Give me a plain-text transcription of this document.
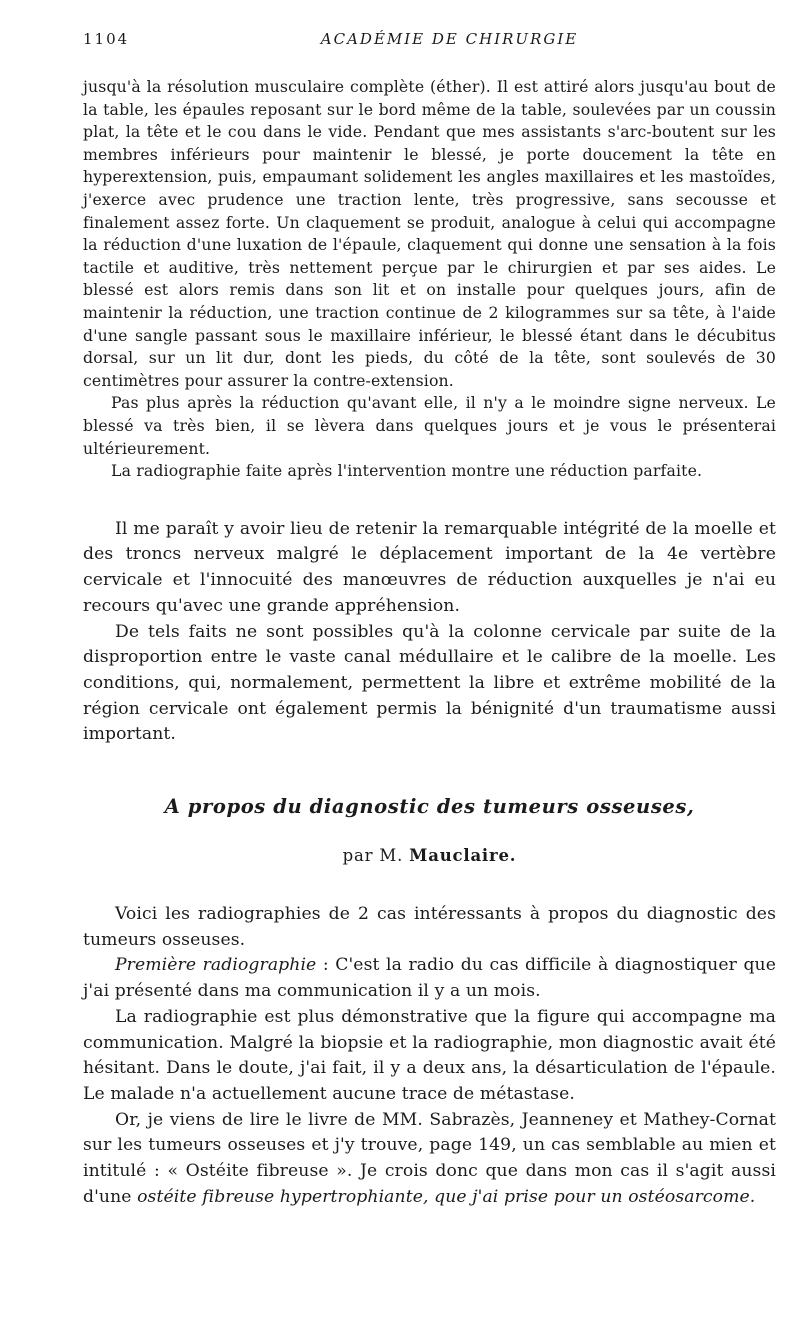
1104	ACADÉMIE DE CHIRURGIE

jusqu'à la résolution musculaire complète (éther). Il est attiré alors jusqu'au bout de la table, les épaules reposant sur le bord même de la table, soulevées par un coussin plat, la tête et le cou dans le vide. Pendant que mes assistants s'arc-boutent sur les membres inférieurs pour maintenir le blessé, je porte doucement la tête en hyperextension, puis, empaumant solidement les angles maxillaires et les mastoïdes, j'exerce avec prudence une traction lente, très progressive, sans secousse et finalement assez forte. Un claquement se produit, analogue à celui qui accompagne la réduction d'une luxation de l'épaule, claquement qui donne une sensation à la fois tactile et auditive, très nettement perçue par le chirurgien et par ses aides. Le blessé est alors remis dans son lit et on installe pour quelques jours, afin de maintenir la réduction, une traction continue de 2 kilogrammes sur sa tête, à l'aide d'une sangle passant sous le maxillaire inférieur, le blessé étant dans le décubitus dorsal, sur un lit dur, dont les pieds, du côté de la tête, sont soulevés de 30 centimètres pour assurer la contre-extension.

Pas plus après la réduction qu'avant elle, il n'y a le moindre signe nerveux. Le blessé va très bien, il se lèvera dans quelques jours et je vous le présenterai ultérieurement.

La radiographie faite après l'intervention montre une réduction parfaite.

Il me paraît y avoir lieu de retenir la remarquable intégrité de la moelle et des troncs nerveux malgré le déplacement important de la 4e vertèbre cervicale et l'innocuité des manœuvres de réduction auxquelles je n'ai eu recours qu'avec une grande appréhension.

De tels faits ne sont possibles qu'à la colonne cervicale par suite de la disproportion entre le vaste canal médullaire et le calibre de la moelle. Les conditions, qui, normalement, permettent la libre et extrême mobilité de la région cervicale ont également permis la bénignité d'un traumatisme aussi important.

A propos du diagnostic des tumeurs osseuses,
par M. Mauclaire.

Voici les radiographies de 2 cas intéressants à propos du diagnostic des tumeurs osseuses.

Première radiographie : C'est la radio du cas difficile à diagnostiquer que j'ai présenté dans ma communication il y a un mois.

La radiographie est plus démonstrative que la figure qui accompagne ma communication. Malgré la biopsie et la radiographie, mon diagnostic avait été hésitant. Dans le doute, j'ai fait, il y a deux ans, la désarticulation de l'épaule. Le malade n'a actuellement aucune trace de métastase.

Or, je viens de lire le livre de MM. Sabrazès, Jeanneney et Mathey-Cornat sur les tumeurs osseuses et j'y trouve, page 149, un cas semblable au mien et intitulé : « Ostéite fibreuse ». Je crois donc que dans mon cas il s'agit aussi d'une ostéite fibreuse hypertrophiante, que j'ai prise pour un ostéosarcome.
